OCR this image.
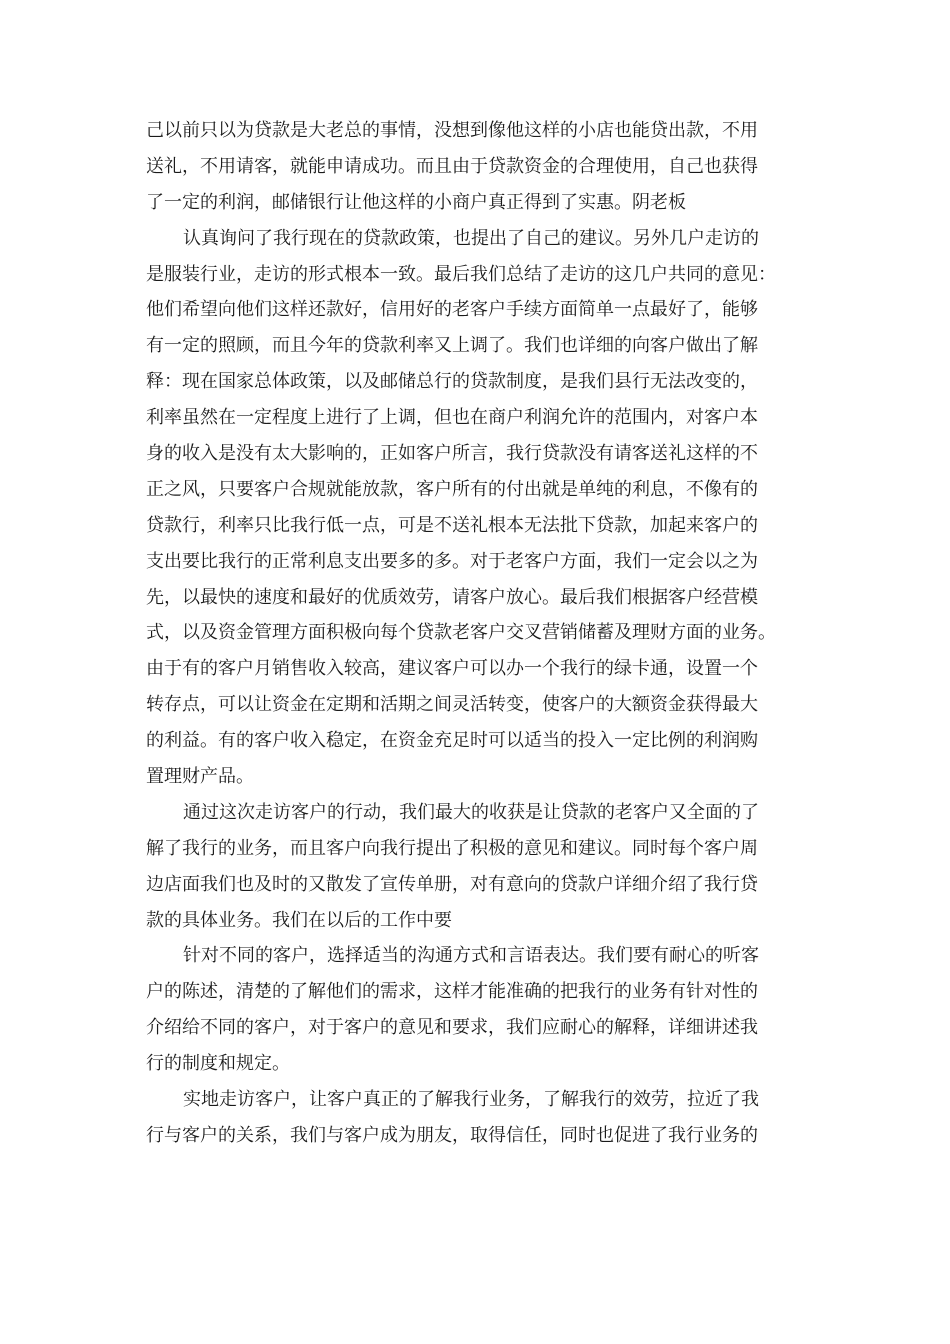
己以前只以为贷款是大老总的事情，没想到像他这样的小店也能贷出款，不用
送礼，不用请客，就能申请成功。而且由于贷款资金的合理使用，自己也获得
了一定的利润，邮储银行让他这样的小商户真正得到了实惠。阴老板
认真询问了我行现在的贷款政策，也提出了自己的建议。另外几户走访的
是服装行业，走访的形式根本一致。最后我们总结了走访的这几户共同的意见：
他们希望向他们这样还款好，信用好的老客户手续方面简单一点最好了，能够
有一定的照顾，而且今年的贷款利率又上调了。我们也详细的向客户做出了解
释：现在国家总体政策，以及邮储总行的贷款制度，是我们县行无法改变的，
利率虽然在一定程度上进行了上调，但也在商户利润允许的范围内，对客户本
身的收入是没有太大影响的，正如客户所言，我行贷款没有请客送礼这样的不
正之风，只要客户合规就能放款，客户所有的付出就是单纯的利息，不像有的
贷款行，利率只比我行低一点，可是不送礼根本无法批下贷款，加起来客户的
支出要比我行的正常利息支出要多的多。对于老客户方面，我们一定会以之为
先，以最快的速度和最好的优质效劳，请客户放心。最后我们根据客户经营模
式，以及资金管理方面积极向每个贷款老客户交叉营销储蓄及理财方面的业务。
由于有的客户月销售收入较高，建议客户可以办一个我行的绿卡通，设置一个
转存点，可以让资金在定期和活期之间灵活转变，使客户的大额资金获得最大
的利益。有的客户收入稳定，在资金充足时可以适当的投入一定比例的利润购
置理财产品。
通过这次走访客户的行动，我们最大的收获是让贷款的老客户又全面的了
解了我行的业务，而且客户向我行提出了积极的意见和建议。同时每个客户周
边店面我们也及时的又散发了宣传单册，对有意向的贷款户详细介绍了我行贷
款的具体业务。我们在以后的工作中要
针对不同的客户，选择适当的沟通方式和言语表达。我们要有耐心的听客
户的陈述，清楚的了解他们的需求，这样才能准确的把我行的业务有针对性的
介绍给不同的客户，对于客户的意见和要求，我们应耐心的解释，详细讲述我
行的制度和规定。
实地走访客户，让客户真正的了解我行业务，了解我行的效劳，拉近了我
行与客户的关系，我们与客户成为朋友，取得信任，同时也促进了我行业务的
